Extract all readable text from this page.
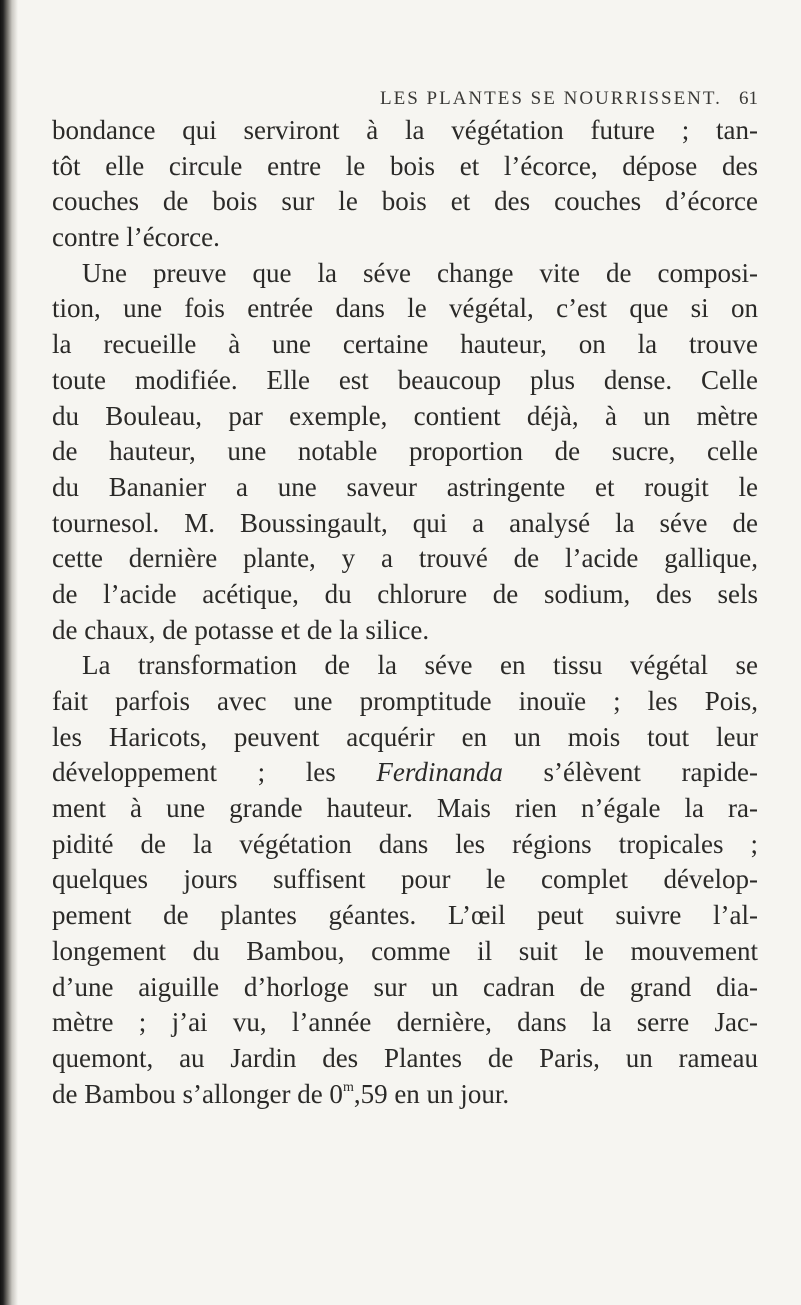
LES PLANTES SE NOURRISSENT. 61
bondance qui serviront à la végétation future ; tan-
tôt elle circule entre le bois et l’écorce, dépose des
couches de bois sur le bois et des couches d’écorce
contre l’écorce.
Une preuve que la séve change vite de composi-
tion, une fois entrée dans le végétal, c’est que si on
la recueille à une certaine hauteur, on la trouve
toute modifiée. Elle est beaucoup plus dense. Celle
du Bouleau, par exemple, contient déjà, à un mètre
de hauteur, une notable proportion de sucre, celle
du Bananier a une saveur astringente et rougit le
tournesol. M. Boussingault, qui a analysé la séve de
cette dernière plante, y a trouvé de l’acide gallique,
de l’acide acétique, du chlorure de sodium, des sels
de chaux, de potasse et de la silice.
La transformation de la séve en tissu végétal se
fait parfois avec une promptitude inouïe ; les Pois,
les Haricots, peuvent acquérir en un mois tout leur
développement ; les Ferdinanda s’élèvent rapide-
ment à une grande hauteur. Mais rien n’égale la ra-
pidité de la végétation dans les régions tropicales ;
quelques jours suffisent pour le complet dévelop-
pement de plantes géantes. L’œil peut suivre l’al-
longement du Bambou, comme il suit le mouvement
d’une aiguille d’horloge sur un cadran de grand dia-
mètre ; j’ai vu, l’année dernière, dans la serre Jac-
quemont, au Jardin des Plantes de Paris, un rameau
de Bambou s’allonger de 0$^m$,59 en un jour.
